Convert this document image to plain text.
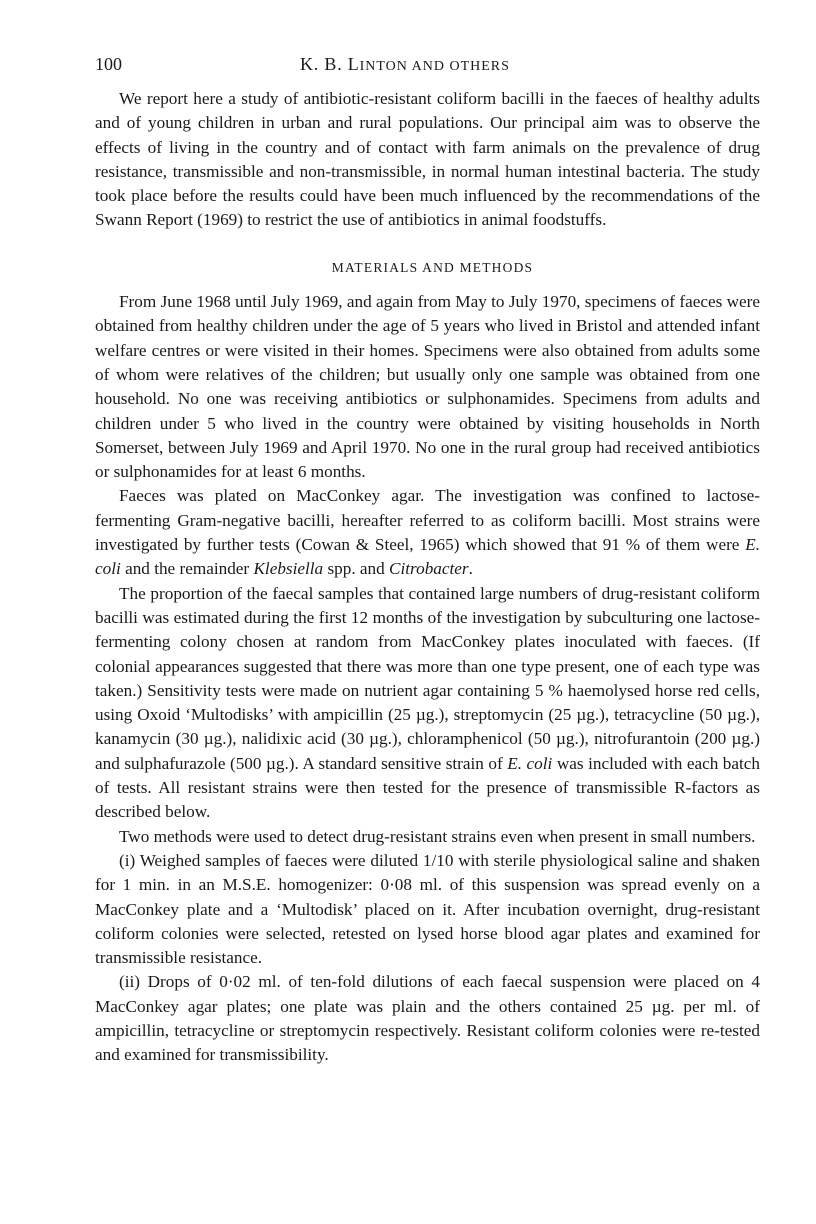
100	K. B. LINTON AND OTHERS

We report here a study of antibiotic-resistant coliform bacilli in the faeces of healthy adults and of young children in urban and rural populations. Our principal aim was to observe the effects of living in the country and of contact with farm animals on the prevalence of drug resistance, transmissible and non-transmissible, in normal human intestinal bacteria. The study took place before the results could have been much influenced by the recommendations of the Swann Report (1969) to restrict the use of antibiotics in animal foodstuffs.

MATERIALS AND METHODS

From June 1968 until July 1969, and again from May to July 1970, specimens of faeces were obtained from healthy children under the age of 5 years who lived in Bristol and attended infant welfare centres or were visited in their homes. Specimens were also obtained from adults some of whom were relatives of the children; but usually only one sample was obtained from one household. No one was receiving antibiotics or sulphonamides. Specimens from adults and children under 5 who lived in the country were obtained by visiting households in North Somerset, between July 1969 and April 1970. No one in the rural group had received antibiotics or sulphonamides for at least 6 months.

Faeces was plated on MacConkey agar. The investigation was confined to lactose-fermenting Gram-negative bacilli, hereafter referred to as coliform bacilli. Most strains were investigated by further tests (Cowan & Steel, 1965) which showed that 91 % of them were E. coli and the remainder Klebsiella spp. and Citrobacter.

The proportion of the faecal samples that contained large numbers of drug-resistant coliform bacilli was estimated during the first 12 months of the investigation by subculturing one lactose-fermenting colony chosen at random from MacConkey plates inoculated with faeces. (If colonial appearances suggested that there was more than one type present, one of each type was taken.) Sensitivity tests were made on nutrient agar containing 5 % haemolysed horse red cells, using Oxoid ‘Multodisks’ with ampicillin (25 µg.), streptomycin (25 µg.), tetracycline (50 µg.), kanamycin (30 µg.), nalidixic acid (30 µg.), chloramphenicol (50 µg.), nitrofurantoin (200 µg.) and sulphafurazole (500 µg.). A standard sensitive strain of E. coli was included with each batch of tests. All resistant strains were then tested for the presence of transmissible R-factors as described below.

Two methods were used to detect drug-resistant strains even when present in small numbers.

(i) Weighed samples of faeces were diluted 1/10 with sterile physiological saline and shaken for 1 min. in an M.S.E. homogenizer: 0·08 ml. of this suspension was spread evenly on a MacConkey plate and a ‘Multodisk’ placed on it. After incubation overnight, drug-resistant coliform colonies were selected, retested on lysed horse blood agar plates and examined for transmissible resistance.

(ii) Drops of 0·02 ml. of ten-fold dilutions of each faecal suspension were placed on 4 MacConkey agar plates; one plate was plain and the others contained 25 µg. per ml. of ampicillin, tetracycline or streptomycin respectively. Resistant coliform colonies were re-tested and examined for transmissibility.
